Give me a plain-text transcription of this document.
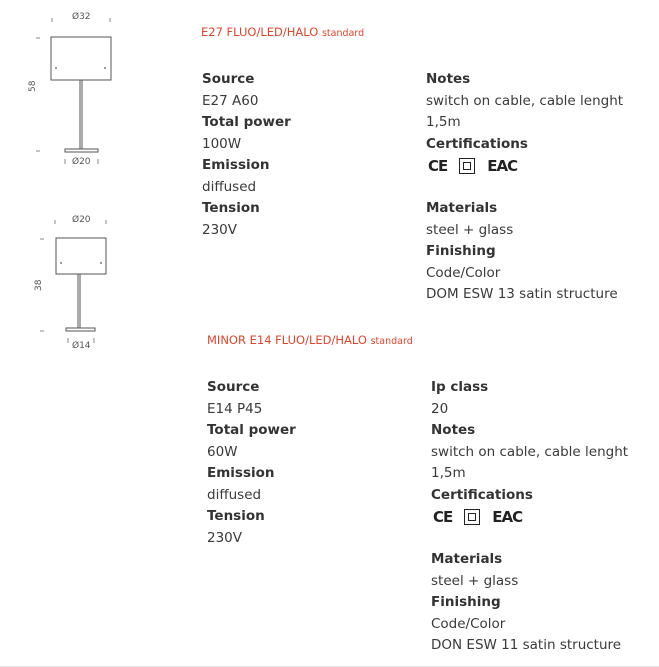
Ø32
58
Ø20
Ø20
38
Ø14
E27 FLUO/LED/HALO standard
Source
E27 A60
Total power
100W
Emission
diffused
Tension
230V
Notes
switch on cable, cable lenght
1,5m
Certifications
CE	EAC
Materials
steel + glass
Finishing
Code/Color
DOM ESW 13 satin structure
MINOR E14 FLUO/LED/HALO standard
Source
E14 P45
Total power
60W
Emission
diffused
Tension
230V
Ip class
20
Notes
switch on cable, cable lenght
1,5m
Certifications
CE	EAC
Materials
steel + glass
Finishing
Code/Color
DON ESW 11 satin structure
